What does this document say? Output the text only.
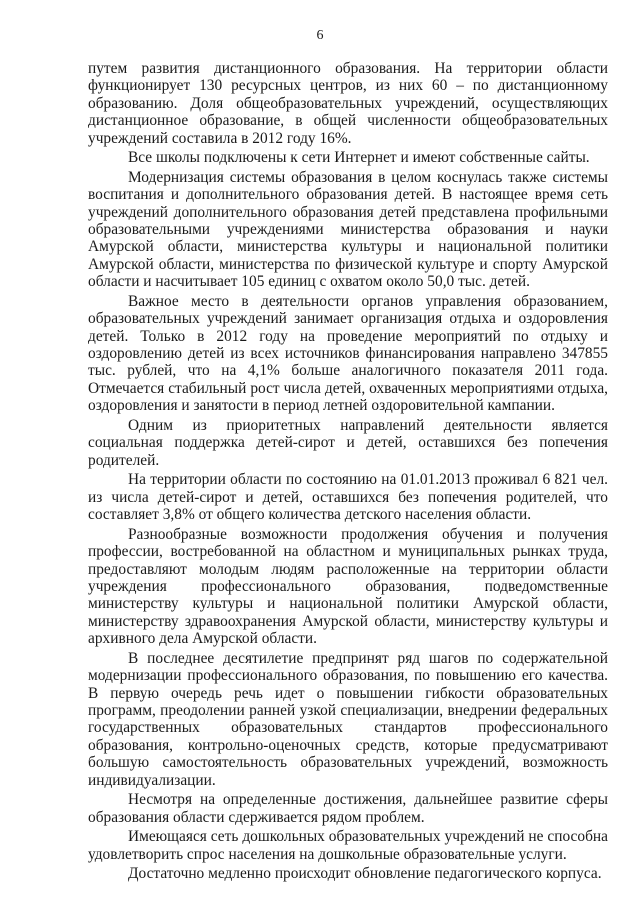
6

путем развития дистанционного образования. На территории области функционирует 130 ресурсных центров, из них 60 – по дистанционному образованию. Доля общеобразовательных учреждений, осуществляющих дистанционное образование, в общей численности общеобразовательных учреждений составила в 2012 году 16%.

Все школы подключены к сети Интернет и имеют собственные сайты.

Модернизация системы образования в целом коснулась также системы воспитания и дополнительного образования детей. В настоящее время сеть учреждений дополнительного образования детей представлена профильными образовательными учреждениями министерства образования и науки Амурской области, министерства культуры и национальной политики Амурской области, министерства по физической культуре и спорту Амурской области и насчитывает 105 единиц с охватом около 50,0 тыс. детей.

Важное место в деятельности органов управления образованием, образовательных учреждений занимает организация отдыха и оздоровления детей. Только в 2012 году на проведение мероприятий по отдыху и оздоровлению детей из всех источников финансирования направлено 347855 тыс. рублей, что на 4,1% больше аналогичного показателя 2011 года. Отмечается стабильный рост числа детей, охваченных мероприятиями отдыха, оздоровления и занятости в период летней оздоровительной кампании.

Одним из приоритетных направлений деятельности является социальная поддержка детей-сирот и детей, оставшихся без попечения родителей.

На территории области по состоянию на 01.01.2013 проживал 6 821 чел. из числа детей-сирот и детей, оставшихся без попечения родителей, что составляет 3,8% от общего количества детского населения области.

Разнообразные возможности продолжения обучения и получения профессии, востребованной на областном и муниципальных рынках труда, предоставляют молодым людям расположенные на территории области учреждения профессионального образования, подведомственные министерству культуры и национальной политики Амурской области, министерству здравоохранения Амурской области, министерству культуры и архивного дела Амурской области.

В последнее десятилетие предпринят ряд шагов по содержательной модернизации профессионального образования, по повышению его качества. В первую очередь речь идет о повышении гибкости образовательных программ, преодолении ранней узкой специализации, внедрении федеральных государственных образовательных стандартов профессионального образования, контрольно-оценочных средств, которые предусматривают большую самостоятельность образовательных учреждений, возможность индивидуализации.

Несмотря на определенные достижения, дальнейшее развитие сферы образования области сдерживается рядом проблем.

Имеющаяся сеть дошкольных образовательных учреждений не способна удовлетворить спрос населения на дошкольные образовательные услуги.

Достаточно медленно происходит обновление педагогического корпуса.
